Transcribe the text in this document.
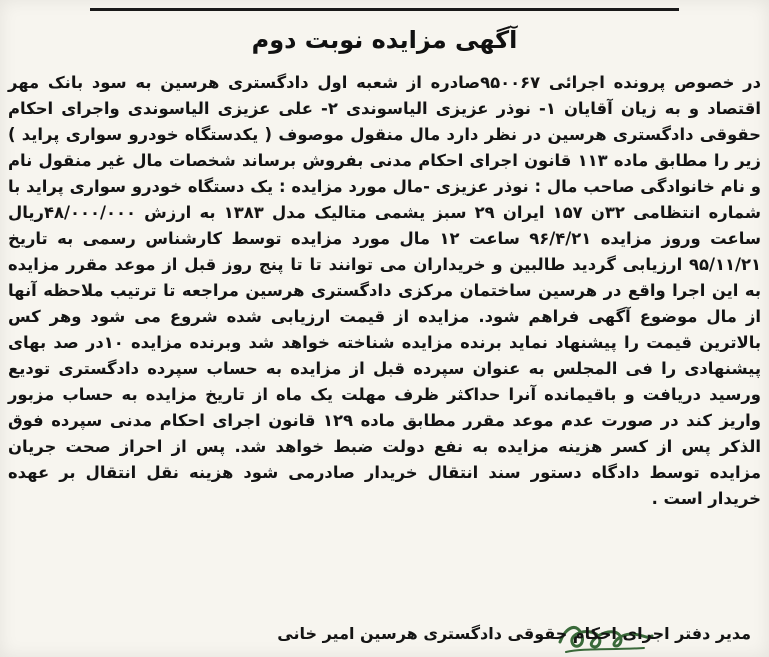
آگهی مزایده نوبت دوم

در خصوص پرونده اجرائی ۹۵۰۰۶۷صادره از شعبه اول دادگستری هرسین به سود بانک مهر اقتصاد و به زیان آقایان ۱- نوذر عزیزی الیاسوندی ۲- علی عزیزی الیاسوندی واجرای احکام حقوقی دادگستری هرسین در نظر دارد مال منقول موصوف ( یکدستگاه خودرو سواری پراید ) زیر را مطابق ماده ۱۱۳ قانون اجرای احکام مدنی بفروش برساند شخصات مال غیر منقول نام و نام خانوادگی صاحب مال : نوذر عزیزی -مال مورد مزایده : یک دستگاه خودرو سواری پراید با شماره انتظامی ۳۲ن ۱۵۷ ایران ۲۹ سبز یشمی متالیک مدل ۱۳۸۳ به ارزش ۴۸/۰۰۰/۰۰۰ریال ساعت وروز مزایده ۹۶/۴/۲۱ ساعت ۱۲ مال مورد مزایده توسط کارشناس رسمی به تاریخ ۹۵/۱۱/۲۱ ارزیابی گردید طالبین و خریداران می توانند تا تا پنج روز قبل از موعد مقرر مزایده به این اجرا واقع در هرسین ساختمان مرکزی دادگستری هرسین مراجعه تا ترتیب ملاحظه آنها از مال موضوع آگهی فراهم شود. مزایده از قیمت ارزیابی شده شروع می شود وهر کس بالاترین قیمت را پیشنهاد نماید برنده مزایده شناخته خواهد شد وبرنده مزایده ۱۰در صد بهای پیشنهادی را فی المجلس به عنوان سپرده قبل از مزایده به حساب سپرده دادگستری تودیع ورسید دریافت و باقیمانده آنرا حداکثر ظرف مهلت یک ماه از تاریخ مزایده به حساب مزبور واریز کند در صورت عدم موعد مقرر مطابق ماده ۱۲۹ قانون اجرای احکام مدنی سپرده فوق الذکر پس از کسر هزینه مزایده به نفع دولت ضبط خواهد شد. پس از احراز صحت جریان مزایده توسط دادگاه دستور سند انتقال خریدار صادرمی شود هزینه نقل انتقال بر عهده خریدار است .

مدیر دفتر اجرای احکام حقوقی دادگستری هرسین امیر خانی
